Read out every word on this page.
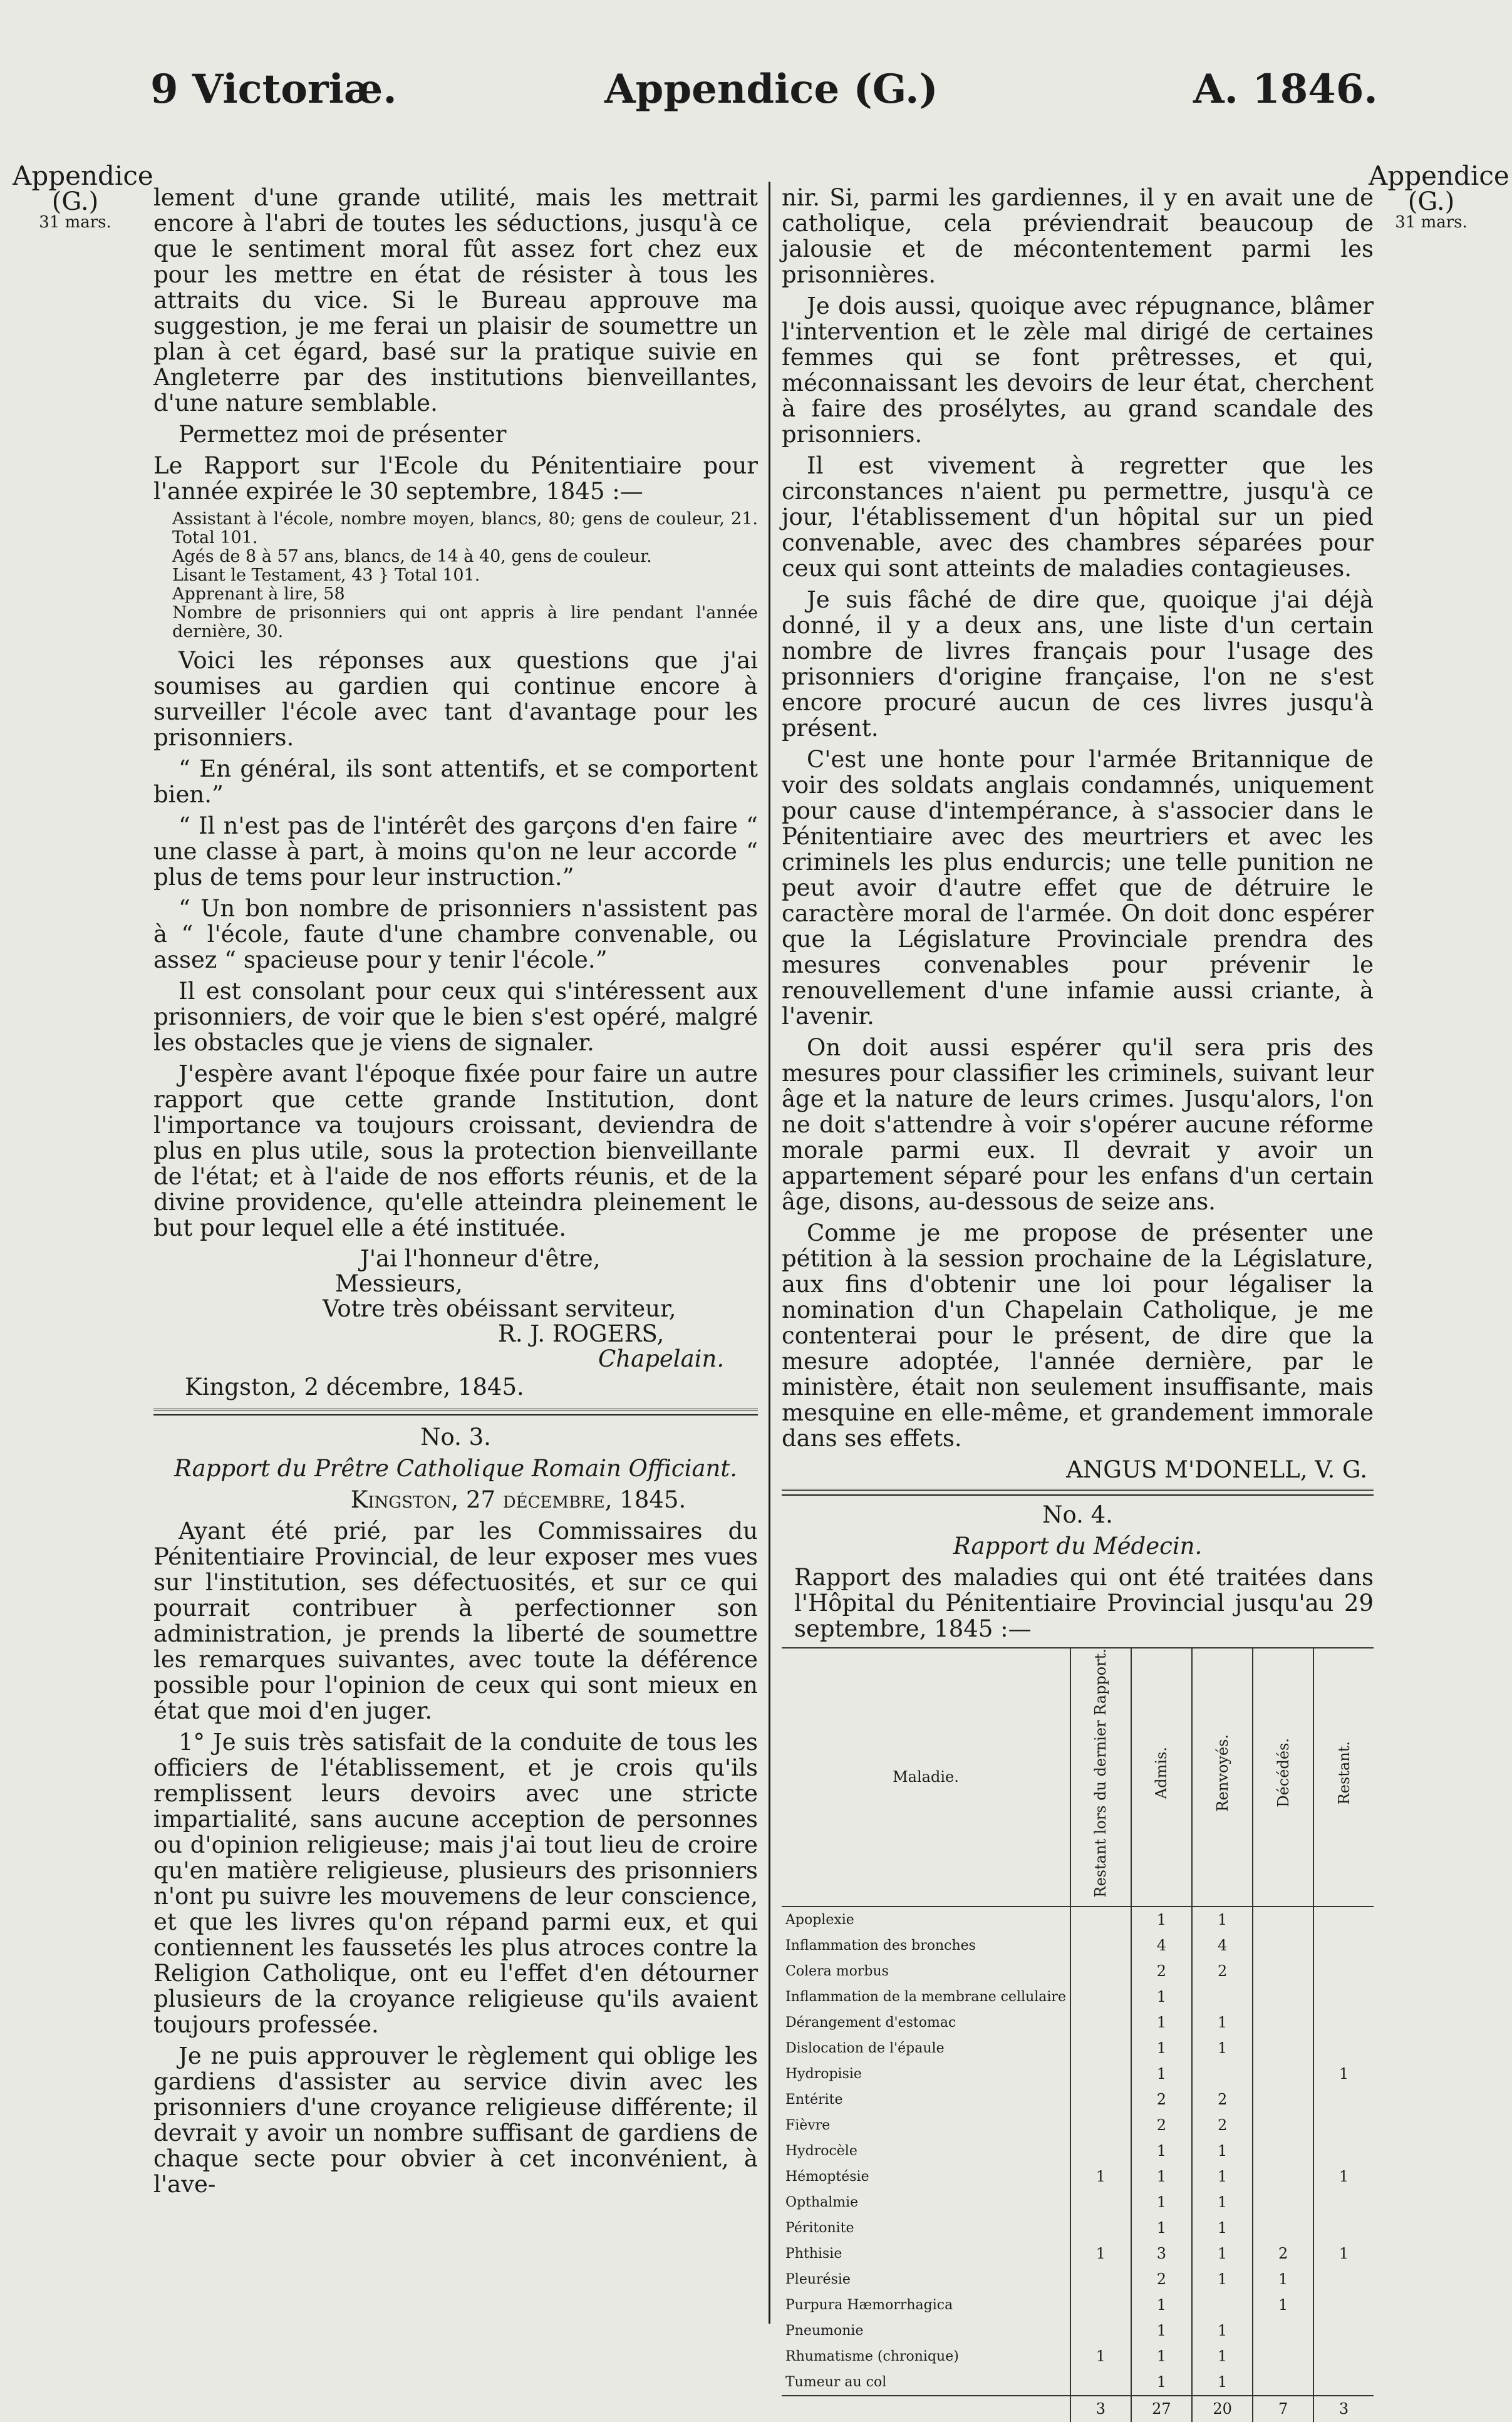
9 Victoriæ.	Appendice (G.)	A. 1846.
Appendice
(G.)
31 mars.
Appendice
(G.)
31 mars.

lement d'une grande utilité, mais les mettrait encore à l'abri de toutes les séductions, jusqu'à ce que le sentiment moral fût assez fort chez eux pour les mettre en état de résister à tous les attraits du vice. Si le Bureau approuve ma suggestion, je me ferai un plaisir de soumettre un plan à cet égard, basé sur la pratique suivie en Angleterre par des institutions bienveillantes, d'une nature semblable.

Permettez moi de présenter

Le Rapport sur l'Ecole du Pénitentiaire pour l'année expirée le 30 septembre, 1845 :—

Assistant à l'école, nombre moyen, blancs, 80; gens de couleur, 21. Total 101.
Agés de 8 à 57 ans, blancs, de 14 à 40, gens de couleur.
Lisant le Testament, 43 } Total 101.
Apprenant à lire, 58
Nombre de prisonniers qui ont appris à lire pendant l'année dernière, 30.

Voici les réponses aux questions que j'ai soumises au gardien qui continue encore à surveiller l'école avec tant d'avantage pour les prisonniers.

“ En général, ils sont attentifs, et se comportent bien.”

“ Il n'est pas de l'intérêt des garçons d'en faire “ une classe à part, à moins qu'on ne leur accorde “ plus de tems pour leur instruction.”

“ Un bon nombre de prisonniers n'assistent pas à “ l'école, faute d'une chambre convenable, ou assez “ spacieuse pour y tenir l'école.”

Il est consolant pour ceux qui s'intéressent aux prisonniers, de voir que le bien s'est opéré, malgré les obstacles que je viens de signaler.

J'espère avant l'époque fixée pour faire un autre rapport que cette grande Institution, dont l'importance va toujours croissant, deviendra de plus en plus utile, sous la protection bienveillante de l'état; et à l'aide de nos efforts réunis, et de la divine providence, qu'elle atteindra pleinement le but pour lequel elle a été instituée.

J'ai l'honneur d'être,
Messieurs,
Votre très obéissant serviteur,
R. J. ROGERS,
Chapelain.
Kingston, 2 décembre, 1845.

No. 3.

Rapport du Prêtre Catholique Romain Officiant.

Kingston, 27 décembre, 1845.

Ayant été prié, par les Commissaires du Pénitentiaire Provincial, de leur exposer mes vues sur l'institution, ses défectuosités, et sur ce qui pourrait contribuer à perfectionner son administration, je prends la liberté de soumettre les remarques suivantes, avec toute la déférence possible pour l'opinion de ceux qui sont mieux en état que moi d'en juger.

1° Je suis très satisfait de la conduite de tous les officiers de l'établissement, et je crois qu'ils remplissent leurs devoirs avec une stricte impartialité, sans aucune acception de personnes ou d'opinion religieuse; mais j'ai tout lieu de croire qu'en matière religieuse, plusieurs des prisonniers n'ont pu suivre les mouvemens de leur conscience, et que les livres qu'on répand parmi eux, et qui contiennent les faussetés les plus atroces contre la Religion Catholique, ont eu l'effet d'en détourner plusieurs de la croyance religieuse qu'ils avaient toujours professée.

Je ne puis approuver le règlement qui oblige les gardiens d'assister au service divin avec les prisonniers d'une croyance religieuse différente; il devrait y avoir un nombre suffisant de gardiens de chaque secte pour obvier à cet inconvénient, à l'ave-

nir. Si, parmi les gardiennes, il y en avait une de catholique, cela préviendrait beaucoup de jalousie et de mécontentement parmi les prisonnières.

Je dois aussi, quoique avec répugnance, blâmer l'intervention et le zèle mal dirigé de certaines femmes qui se font prêtresses, et qui, méconnaissant les devoirs de leur état, cherchent à faire des prosélytes, au grand scandale des prisonniers.

Il est vivement à regretter que les circonstances n'aient pu permettre, jusqu'à ce jour, l'établissement d'un hôpital sur un pied convenable, avec des chambres séparées pour ceux qui sont atteints de maladies contagieuses.

Je suis fâché de dire que, quoique j'ai déjà donné, il y a deux ans, une liste d'un certain nombre de livres français pour l'usage des prisonniers d'origine française, l'on ne s'est encore procuré aucun de ces livres jusqu'à présent.

C'est une honte pour l'armée Britannique de voir des soldats anglais condamnés, uniquement pour cause d'intempérance, à s'associer dans le Pénitentiaire avec des meurtriers et avec les criminels les plus endurcis; une telle punition ne peut avoir d'autre effet que de détruire le caractère moral de l'armée. On doit donc espérer que la Législature Provinciale prendra des mesures convenables pour prévenir le renouvellement d'une infamie aussi criante, à l'avenir.

On doit aussi espérer qu'il sera pris des mesures pour classifier les criminels, suivant leur âge et la nature de leurs crimes. Jusqu'alors, l'on ne doit s'attendre à voir s'opérer aucune réforme morale parmi eux. Il devrait y avoir un appartement séparé pour les enfans d'un certain âge, disons, au-dessous de seize ans.

Comme je me propose de présenter une pétition à la session prochaine de la Législature, aux fins d'obtenir une loi pour légaliser la nomination d'un Chapelain Catholique, je me contenterai pour le présent, de dire que la mesure adoptée, l'année dernière, par le ministère, était non seulement insuffisante, mais mesquine en elle-même, et grandement immorale dans ses effets.

ANGUS M'DONELL, V. G.

No. 4.

Rapport du Médecin.

Rapport des maladies qui ont été traitées dans l'Hôpital du Pénitentiaire Provincial jusqu'au 29 septembre, 1845 :—

Maladie.	Restant lors du dernier Rapport.	Admis.	Renvoyés.	Décédés.	Restant.
Apoplexie		1	1		
Inflammation des bronches		4	4		
Colera morbus		2	2		
Inflammation de la membrane cellulaire		1			
Dérangement d'estomac		1	1		
Dislocation de l'épaule		1	1		
Hydropisie		1			1
Entérite		2	2		
Fièvre		2	2		
Hydrocèle		1	1		
Hémoptésie	1	1	1		1
Opthalmie		1	1		
Péritonite		1	1		
Phthisie	1	3	1	2	1
Pleurésie		2	1	1	
Purpura Hæmorrhagica		1		1	
Pneumonie		1	1		
Rhumatisme (chronique)	1	1	1		
Tumeur au col		1	1		
	3	27	20	7	3
